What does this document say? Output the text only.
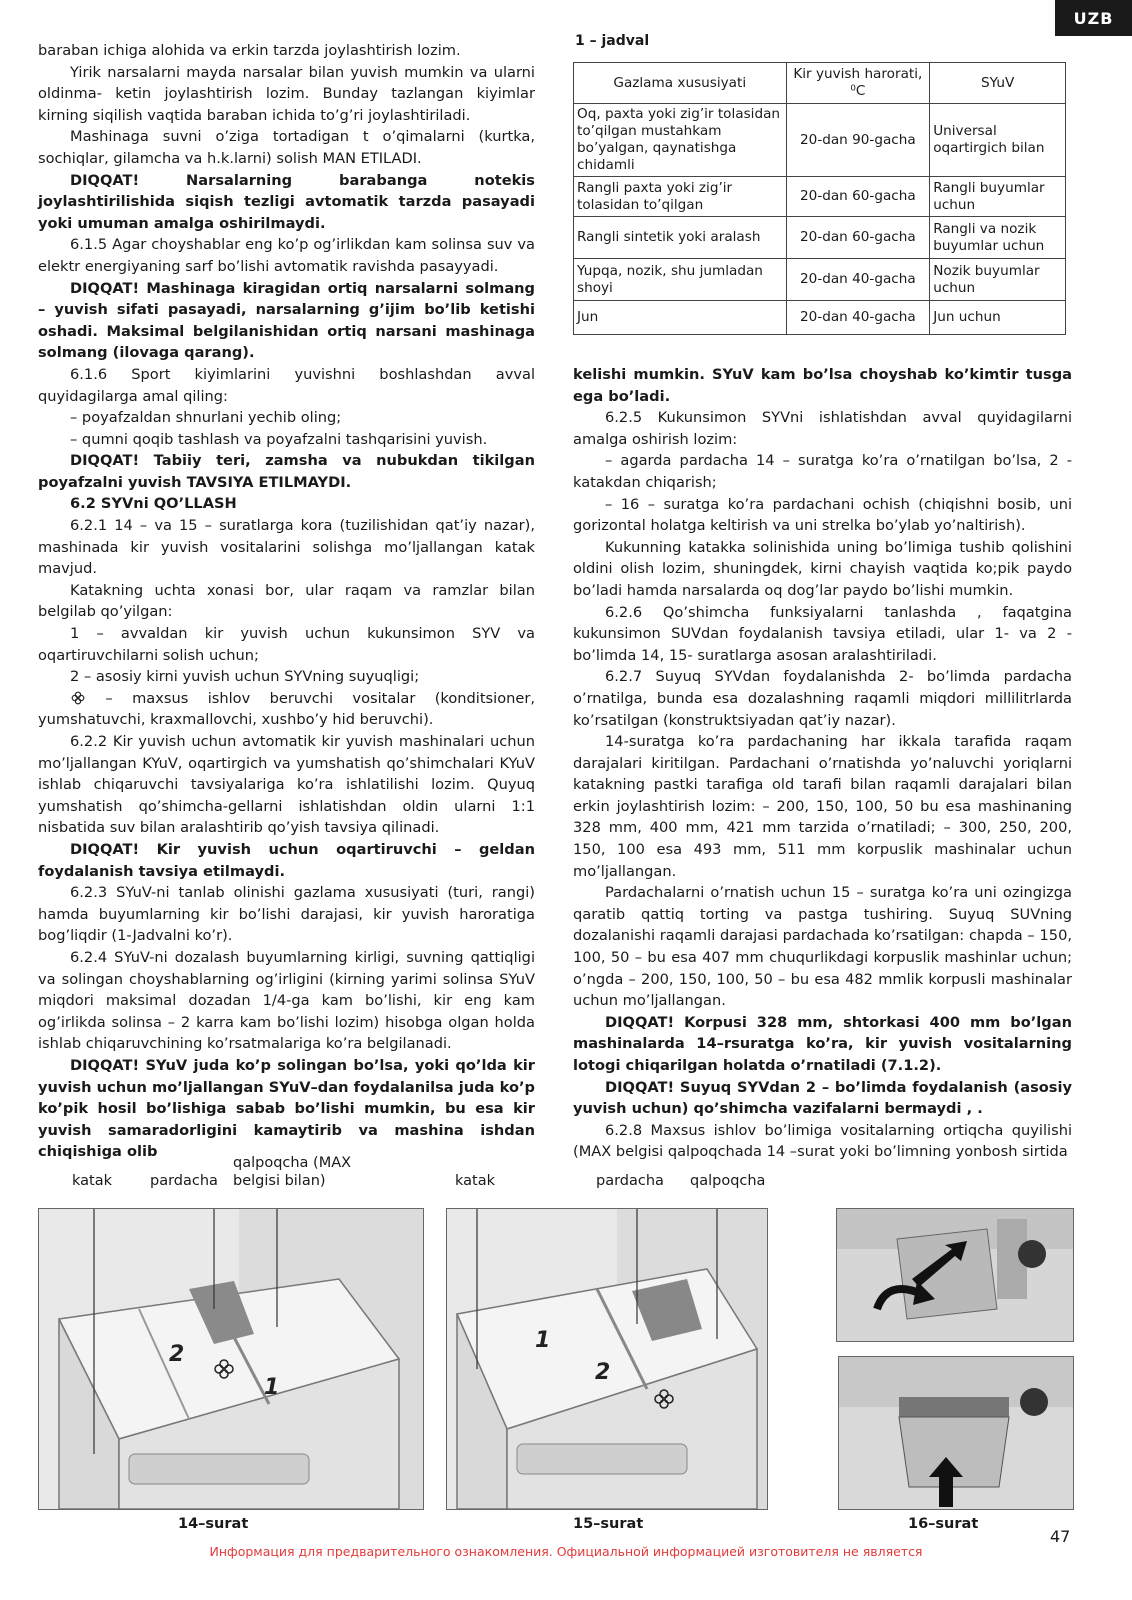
UZB

baraban ichiga alohida va erkin tarzda joylashtirish lozim.

Yirik narsalarni mayda narsalar bilan yuvish mumkin va ularni oldinma- ketin joylashtirish lozim. Bunday tazlangan kiyimlar kirning siqilish vaqtida baraban ichida to’g’ri joylashtiriladi.

Mashinaga suvni o’ziga tortadigan t o’qimalarni (kurtka, sochiqlar, gilamcha va h.k.larni) solish MAN ETILADI.

DIQQAT! Narsalarning barabanga notekis joylashtirilishida siqish tezligi avtomatik tarzda pasayadi yoki umuman amalga oshirilmaydi.

6.1.5 Agar choyshablar eng ko’p og’irlikdan kam solinsa suv va elektr energiyaning sarf bo’lishi avtomatik ravishda pasayyadi.

DIQQAT! Mashinaga kiragidan ortiq narsalarni solmang – yuvish sifati pasayadi, narsalarning g’ijim bo’lib ketishi oshadi. Maksimal belgilanishidan ortiq narsani mashinaga solmang (ilovaga qarang).

6.1.6 Sport kiyimlarini yuvishni boshlashdan avval quyidagilarga amal qiling:

– poyafzaldan shnurlani yechib oling;

– qumni qoqib tashlash va poyafzalni tashqarisini yuvish.

DIQQAT! Tabiiy teri, zamsha va nubukdan tikilgan poyafzalni yuvish TAVSIYA ETILMAYDI.

6.2 SYVni QO’LLASH

6.2.1 14 – va 15 – suratlarga kora (tuzilishidan qat’iy nazar), mashinada kir yuvish vositalarini solishga mo’ljallangan katak mavjud.

Katakning uchta xonasi bor, ular raqam va ramzlar bilan belgilab qo’yilgan:

1 – avvaldan kir yuvish uchun kukunsimon SYV va oqartiruvchilarni solish uchun;

2 – asosiy kirni yuvish uchun SYVning suyuqligi;

– maxsus ishlov beruvchi vositalar (konditsioner, yumshatuvchi, kraxmallovchi, xushbo’y hid beruvchi).

6.2.2 Kir yuvish uchun avtomatik kir yuvish mashinalari uchun mo’ljallangan KYuV, oqartirgich va yumshatish qo’shimchalari KYuV ishlab chiqaruvchi tavsiyalariga ko’ra ishlatilishi lozim. Quyuq yumshatish qo’shimcha-gellarni ishlatishdan oldin ularni 1:1 nisbatida suv bilan aralashtirib qo’yish tavsiya qilinadi.

DIQQAT! Kir yuvish uchun oqartiruvchi – geldan foydalanish tavsiya etilmaydi.

6.2.3 SYuV-ni tanlab olinishi gazlama xususiyati (turi, rangi) hamda buyumlarning kir bo’lishi darajasi, kir yuvish haroratiga bog’liqdir (1-Jadvalni ko’r).

6.2.4 SYuV-ni dozalash buyumlarning kirligi, suvning qattiqligi va solingan choyshablarning og’irligini (kirning yarimi solinsa SYuV miqdori maksimal dozadan 1/4-ga kam bo’lishi, kir eng kam og’irlikda solinsa – 2 karra kam bo’lishi lozim) hisobga olgan holda ishlab chiqaruvchining ko’rsatmalariga ko’ra belgilanadi.

DIQQAT! SYuV juda ko’p solingan bo’lsa, yoki qo’lda kir yuvish uchun mo’ljallangan SYuV–dan foydalanilsa juda ko’p ko’pik hosil bo’lishiga sabab bo’lishi mumkin, bu esa kir yuvish samaradorligini kamaytirib va mashina ishdan chiqishiga olib

1 – jadval
Gazlama xususiyati	Kir yuvish harorati, ⁰C	SYuV
Oq, paxta yoki zig’ir tolasidan to’qilgan mustahkam bo’yalgan, qaynatishga chidamli	20-dan 90-gacha	Universal oqartirgich bilan
Rangli paxta yoki zig’ir tolasidan to’qilgan	20-dan 60-gacha	Rangli buyumlar uchun
Rangli sintetik yoki aralash	20-dan 60-gacha	Rangli va nozik buyumlar uchun
Yupqa, nozik, shu jumladan shoyi	20-dan 40-gacha	Nozik buyumlar uchun
Jun	20-dan 40-gacha	Jun uchun

kelishi mumkin. SYuV kam bo’lsa choyshab ko’kimtir tusga ega bo’ladi.

6.2.5 Kukunsimon SYVni ishlatishdan avval quyidagilarni amalga oshirish lozim:

– agarda pardacha 14 – suratga ko’ra o’rnatilgan bo’lsa, 2 - katakdan chiqarish;

– 16 – suratga ko’ra pardachani ochish (chiqishni bosib, uni gorizontal holatga keltirish va uni strelka bo’ylab yo’naltirish).

Kukunning katakka solinishida uning bo’limiga tushib qolishini oldini olish lozim, shuningdek, kirni chayish vaqtida ko;pik paydo bo’ladi hamda narsalarda oq dog’lar paydo bo’lishi mumkin.

6.2.6 Qo’shimcha funksiyalarni tanlashda , faqatgina kukunsimon SUVdan foydalanish tavsiya etiladi, ular 1- va 2 - bo’limda 14, 15- suratlarga asosan aralashtiriladi.

6.2.7 Suyuq SYVdan foydalanishda 2- bo’limda pardacha o’rnatilga, bunda esa dozalashning raqamli miqdori millilitrlarda ko’rsatilgan (konstruktsiyadan qat’iy nazar).

14-suratga ko’ra pardachaning har ikkala tarafida raqam darajalari kiritilgan. Pardachani o’rnatishda yo’naluvchi yoriqlarni katakning pastki tarafiga old tarafi bilan raqamli darajalari bilan erkin joylashtirish lozim: – 200, 150, 100, 50 bu esa mashinaning 328 mm, 400 mm, 421 mm tarzida o’rnatiladi; – 300, 250, 200, 150, 100 esa 493 mm, 511 mm korpuslik mashinalar uchun mo’ljallangan.

Pardachalarni o’rnatish uchun 15 – suratga ko’ra uni ozingizga qaratib qattiq torting va pastga tushiring. Suyuq SUVning dozalanishi raqamli darajasi pardachada ko’rsatilgan: chapda – 150, 100, 50 – bu esa 407 mm chuqurlikdagi korpuslik mashinlar uchun; o’ngda – 200, 150, 100, 50 – bu esa 482 mmlik korpusli mashinalar uchun mo’ljallangan.

DIQQAT! Korpusi 328 mm, shtorkasi 400 mm bo’lgan mashinalarda 14–rsuratga ko’ra, kir yuvish vositalarning lotogi chiqarilgan holatda o’rnatiladi (7.1.2).

DIQQAT! Suyuq SYVdan 2 – bo’limda foydalanish (asosiy yuvish uchun) qo’shimcha vazifalarni bermaydi , .

6.2.8 Maxsus ishlov bo’limiga vositalarning ortiqcha quyilishi (MAX belgisi qalpoqchada 14 –surat yoki bo’limning yonbosh sirtida

katak	pardacha
qalpoqcha (MAX belgisi bilan)
2
1
14–surat
katak	pardacha qalpoqcha
1
2
15–surat	16–surat
47
Информация для предварительного ознакомления. Официальной информацией изготовителя не является
